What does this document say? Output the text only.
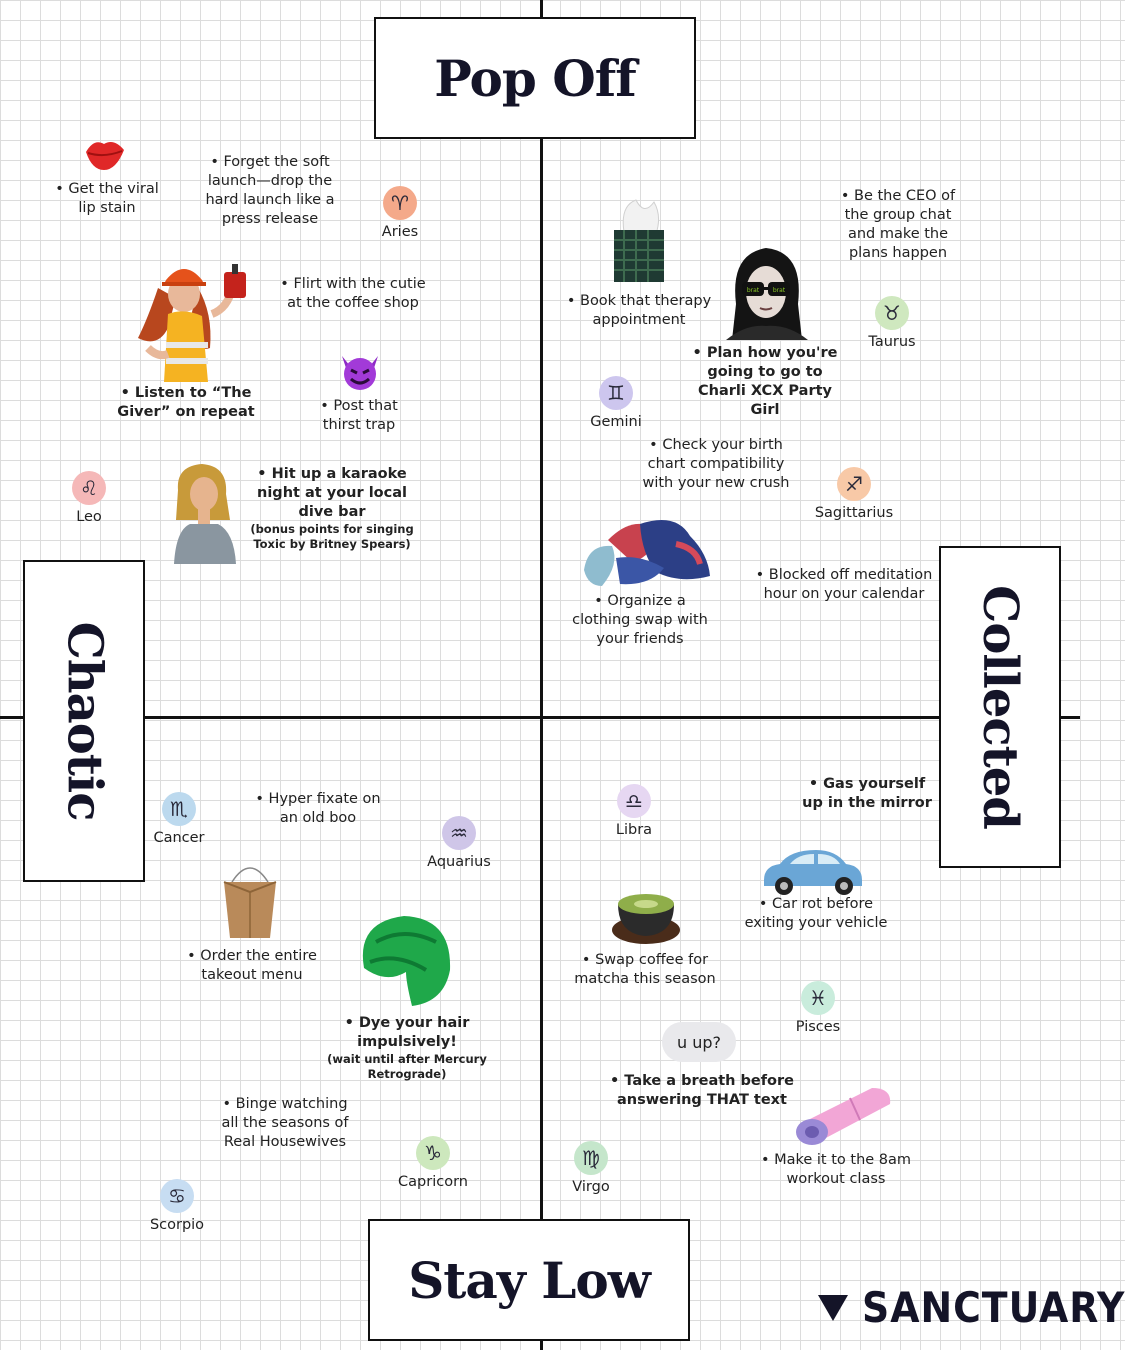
Pop Off
Stay Low
Chaotic	Collected
• Get the viral lip stain
• Forget the soft launch—drop the hard launch like a press release
♈
Aries
• Flirt with the cutie at the coffee shop
• Listen to “The Giver” on repeat	• Post that thirst trap
♌
Leo
• Hit up a karaoke night at your local dive bar
(bonus points for singing Toxic by Britney Spears)
• Book that therapy appointment
brat brat
• Be the CEO of the group chat and make the plans happen
♉
Taurus
• Plan how you're going to go to Charli XCX Party Girl
♊
Gemini
• Check your birth chart compatibility with your new crush	♐
Sagittarius
• Blocked off meditation hour on your calendar
• Organize a clothing swap with your friends
♏
Cancer
• Hyper fixate on an old boo
♒
Aquarius
• Order the entire takeout menu
• Dye your hair impulsively!
(wait until after Mercury Retrograde)
• Binge watching all the seasons of Real Housewives	♑
Capricorn
♋
Scorpio
♎
Libra
• Gas yourself up in the mirror
• Car rot before exiting your vehicle
• Swap coffee for matcha this season
♓
Pisces
u up?
• Take a breath before answering THAT text
• Make it to the 8am workout class
♍
Virgo
SANCTUARY
